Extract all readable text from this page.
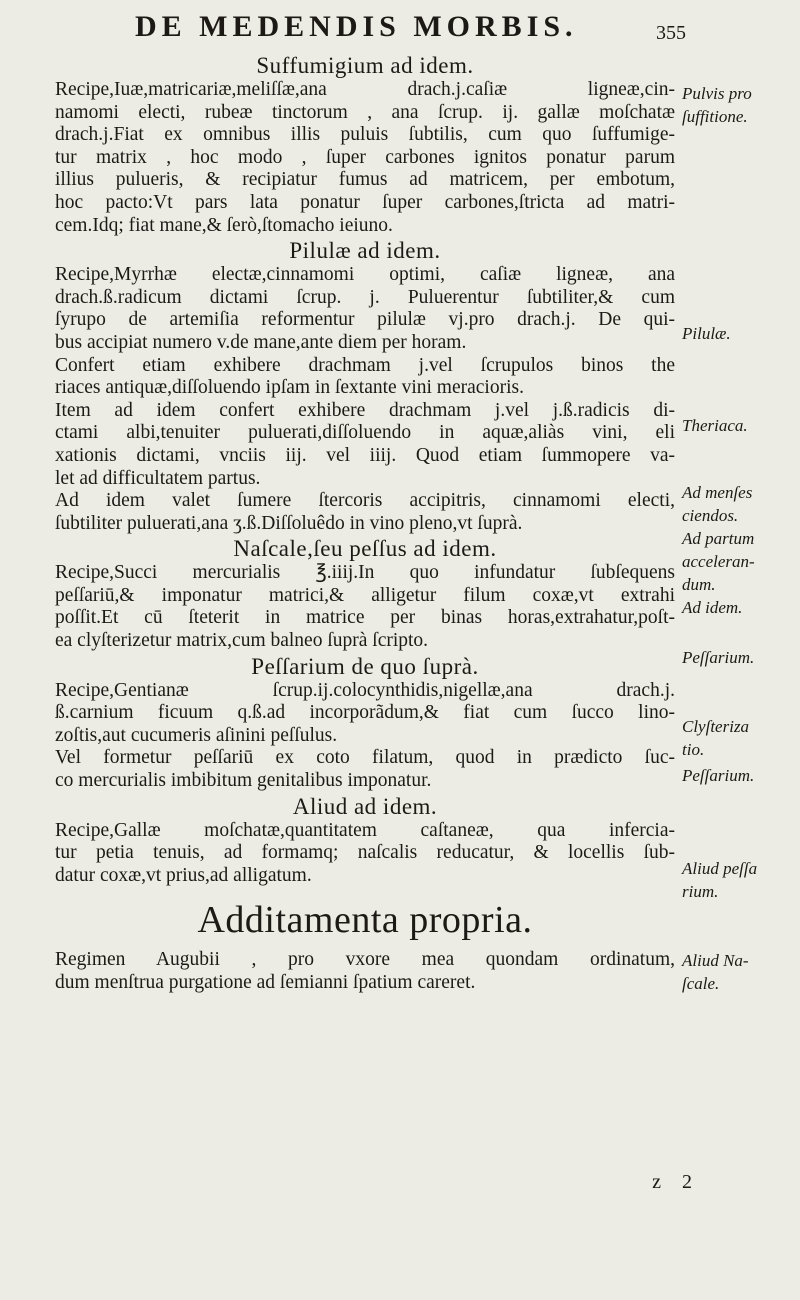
DE MEDENDIS MORBIS.	355
Suffumigium ad idem.
Recipe,Iuæ,matricariæ,meliſſæ,ana drach.j.caſiæ ligneæ,cin-
namomi electi, rubeæ tinctorum , ana ſcrup. ij. gallæ moſchatæ
drach.j.Fiat ex omnibus illis puluis ſubtilis, cum quo ſuffumige-
tur matrix , hoc modo , ſuper carbones ignitos ponatur parum
illius pulueris, & recipiatur fumus ad matricem, per embotum,
hoc pacto:Vt pars lata ponatur ſuper carbones,ſtricta ad matri-
cem.Idq; fiat mane,& ſerò,ſtomacho ieiuno.
Pilulæ ad idem.
Recipe,Myrrhæ electæ,cinnamomi optimi, caſiæ ligneæ, ana
drach.ß.radicum dictami ſcrup. j. Puluerentur ſubtiliter,& cum
ſyrupo de artemiſia reformentur pilulæ vj.pro drach.j. De qui-
bus accipiat numero v.de mane,ante diem per horam.
Confert etiam exhibere drachmam j.vel ſcrupulos binos the
riaces antiquæ,diſſoluendo ipſam in ſextante vini meracioris.
Item ad idem confert exhibere drachmam j.vel j.ß.radicis di-
ctami albi,tenuiter puluerati,diſſoluendo in aquæ,aliàs vini, eli
xationis dictami, vnciis iij. vel iiij. Quod etiam ſummopere va-
let ad difficultatem partus.
Ad idem valet ſumere ſtercoris accipitris, cinnamomi electi,
ſubtiliter puluerati,ana ʒ.ß.Diſſoluêdo in vino pleno,vt ſuprà.
Naſcale,ſeu peſſus ad idem.
Recipe,Succi mercurialis ℥.iiij.In quo infundatur ſubſequens
peſſariū,& imponatur matrici,& alligetur filum coxæ,vt extrahi
poſſit.Et cū ſteterit in matrice per binas horas,extrahatur,poſt-
ea clyſterizetur matrix,cum balneo ſuprà ſcripto.
Peſſarium de quo ſuprà.
Recipe,Gentianæ ſcrup.ij.colocynthidis,nigellæ,ana drach.j.
ß.carnium ficuum q.ß.ad incorporãdum,& fiat cum ſucco lino-
zoſtis,aut cucumeris aſinini peſſulus.
Vel formetur peſſariū ex coto filatum, quod in prædicto ſuc-
co mercurialis imbibitum genitalibus imponatur.
Aliud ad idem.
Recipe,Gallæ moſchatæ,quantitatem caſtaneæ, qua infercia-
tur petia tenuis, ad formamq; naſcalis reducatur, & locellis ſub-
datur coxæ,vt prius,ad alligatum.
Additamenta propria.
Regimen Augubii , pro vxore mea quondam ordinatum,
dum menſtrua purgatione ad ſemianni ſpatium careret.
Pulvis pro
ſuffitione.
Pilulæ.
Theriaca.
Ad menſes
ciendos.
Ad partum
acceleran-
dum.
Ad idem.
Peſſarium.
Clyſteriza
tio.
Peſſarium.
Aliud peſſa
rium.
Aliud Na-
ſcale.
z 2
